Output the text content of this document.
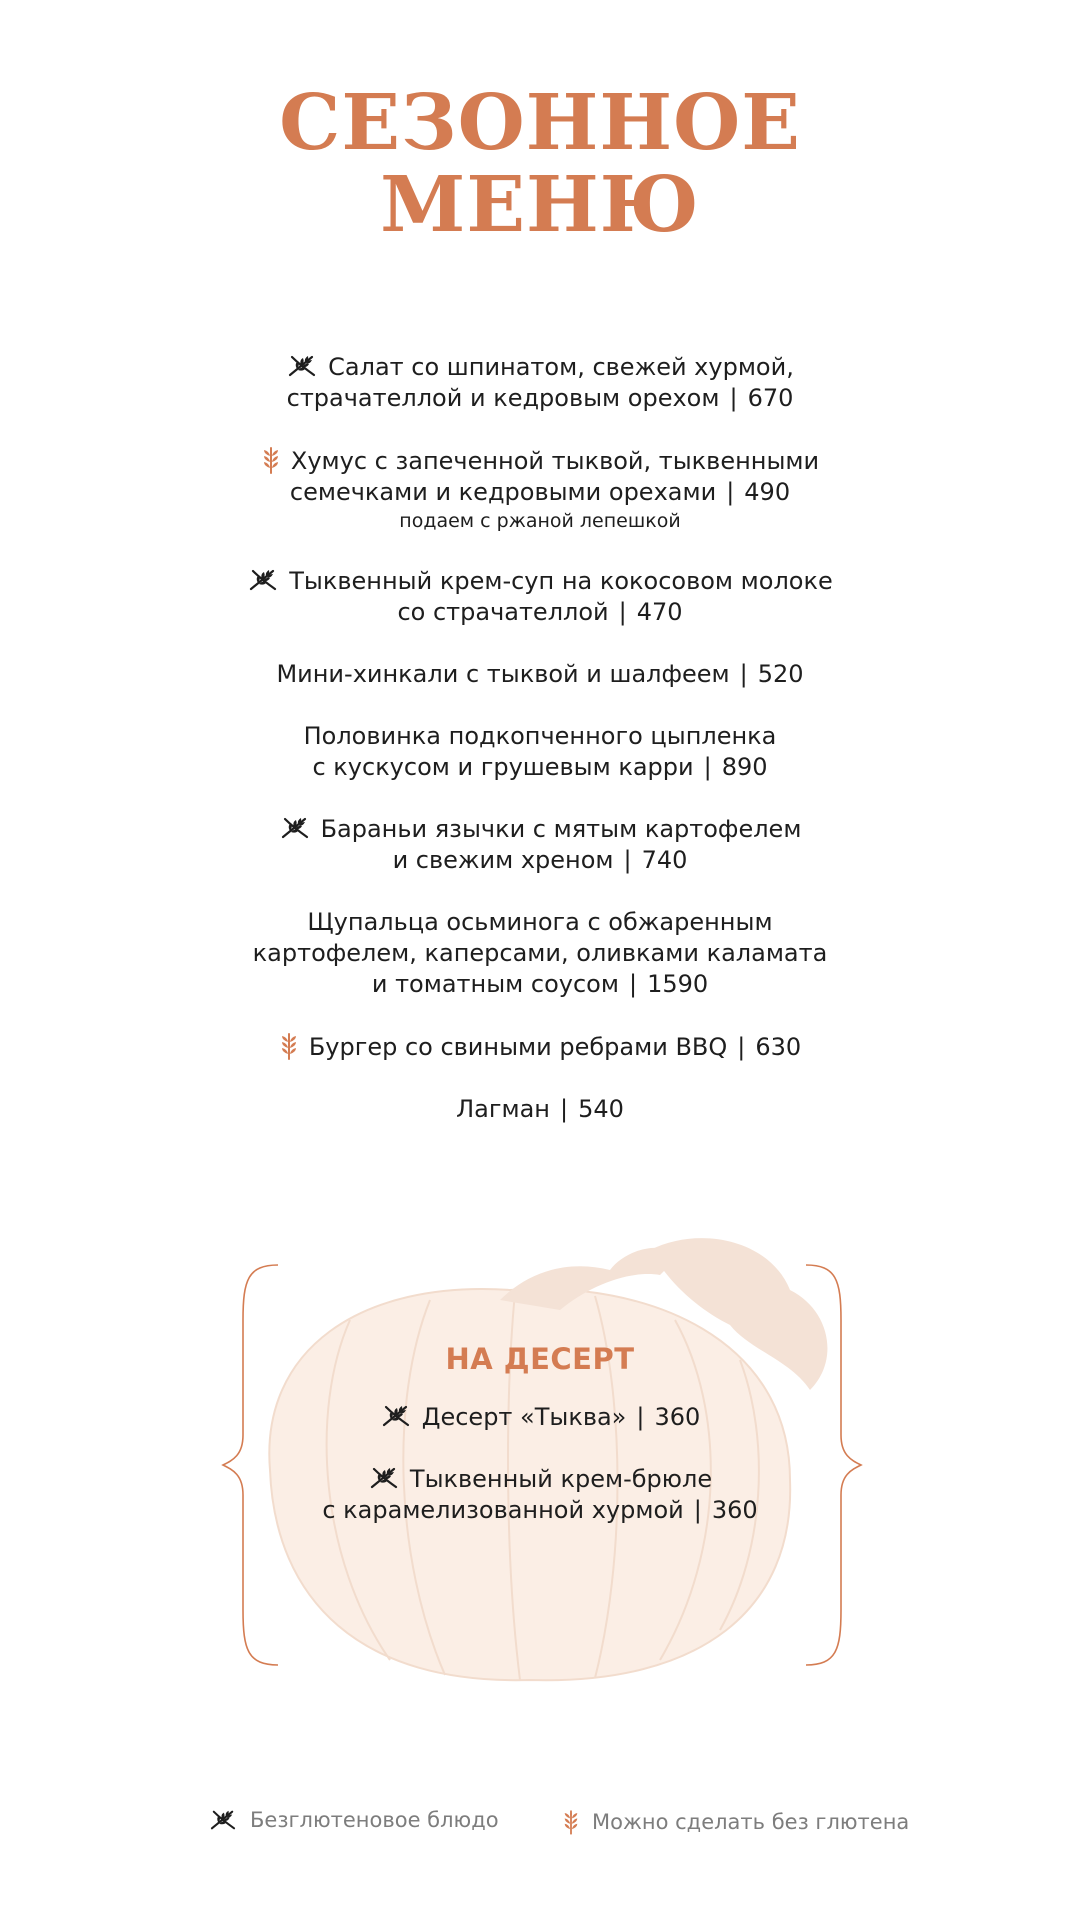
СЕЗОННОЕ
МЕНЮ
Салат со шпинатом, свежей хурмой,
страчателлой и кедровым орехом | 670
Хумус с запеченной тыквой, тыквенными
семечками и кедровыми орехами | 490
подаем с ржаной лепешкой
Тыквенный крем-суп на кокосовом молоке
со страчателлой | 470
Мини-хинкали с тыквой и шалфеем | 520
Половинка подкопченного цыпленка
с кускусом и грушевым карри | 890
Бараньи язычки с мятым картофелем
и свежим хреном | 740
Щупальца осьминога с обжаренным
картофелем, каперсами, оливками каламата
и томатным соусом | 1590
Бургер со свиными ребрами BBQ | 630
Лагман | 540
НА ДЕСЕРТ
Десерт «Тыква» | 360
Тыквенный крем-брюле
с карамелизованной хурмой | 360
Безглютеновое блюдо	Можно сделать без глютена
